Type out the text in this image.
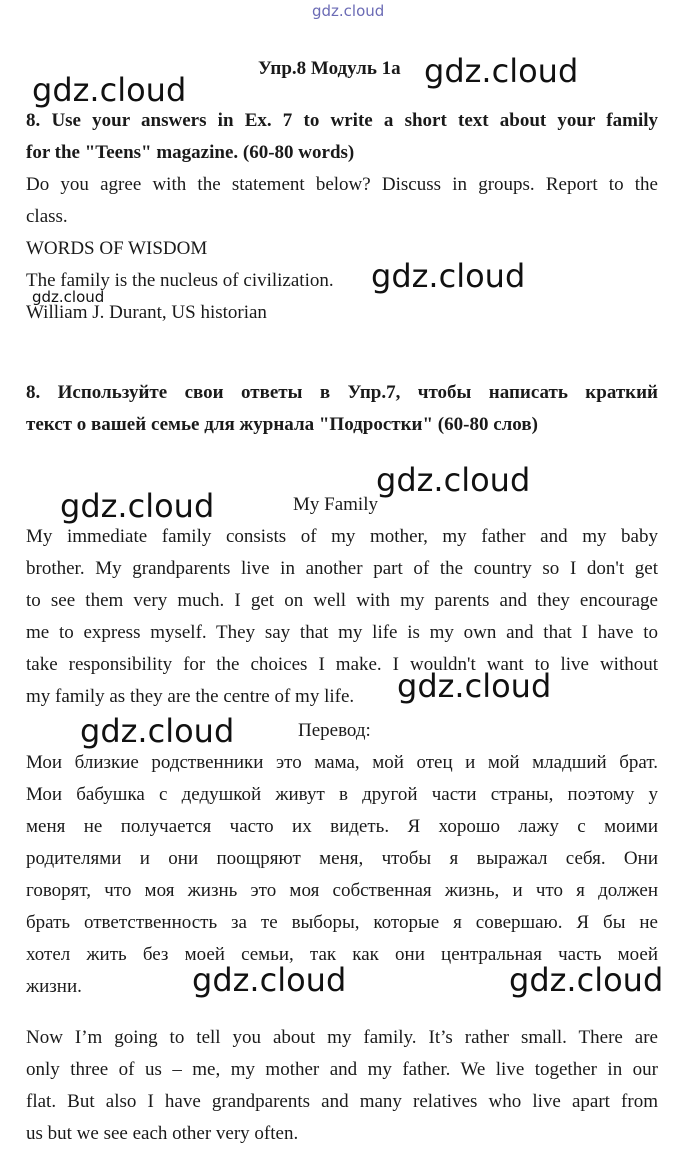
gdz.cloud
gdz.cloud	gdz.cloud
gdz.cloud
gdz.cloud
gdz.cloud
gdz.cloud
gdz.cloud
gdz.cloud
gdz.cloud	gdz.cloud
Упр.8 Модуль 1а
8. Use your answers in Ex. 7 to write a short text about your family
for the "Teens" magazine. (60-80 words)
Do you agree with the statement below? Discuss in groups. Report to the
class.
WORDS OF WISDOM
The family is the nucleus of civilization.
William J. Durant, US historian
8. Используйте свои ответы в Упр.7, чтобы написать краткий
текст о вашей семье для журнала "Подростки" (60-80 слов)
My Family
My immediate family consists of my mother, my father and my baby
brother. My grandparents live in another part of the country so I don't get
to see them very much. I get on well with my parents and they encourage
me to express myself. They say that my life is my own and that I have to
take responsibility for the choices I make. I wouldn't want to live without
my family as they are the centre of my life.
Перевод:
Мои близкие родственники это мама, мой отец и мой младший брат.
Мои бабушка с дедушкой живут в другой части страны, поэтому у
меня не получается часто их видеть. Я хорошо лажу с моими
родителями и они поощряют меня, чтобы я выражал себя. Они
говорят, что моя жизнь это моя собственная жизнь, и что я должен
брать ответственность за те выборы, которые я совершаю. Я бы не
хотел жить без моей семьи, так как они центральная часть моей
жизни.
Now I’m going to tell you about my family. It’s rather small. There are
only three of us – me, my mother and my father. We live together in our
flat. But also I have grandparents and many relatives who live apart from
us but we see each other very often.
